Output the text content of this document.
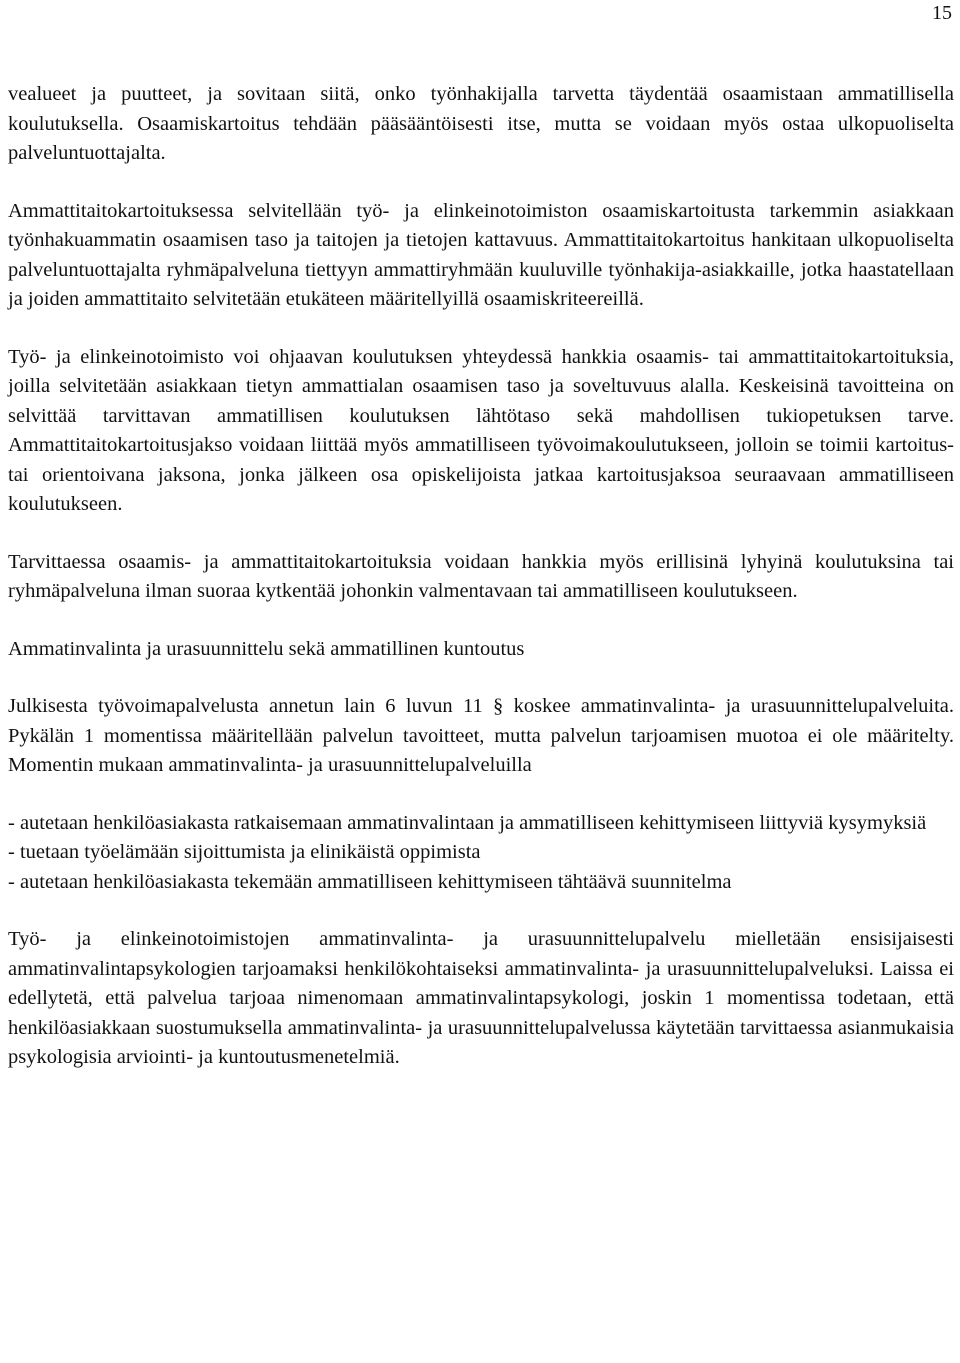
15

vealueet ja puutteet, ja sovitaan siitä, onko työnhakijalla tarvetta täydentää osaamistaan ammatillisella koulutuksella. Osaamiskartoitus tehdään pääsääntöisesti itse, mutta se voidaan myös ostaa ulkopuoliselta palveluntuottajalta.

Ammattitaitokartoituksessa selvitellään työ- ja elinkeinotoimiston osaamiskartoitusta tarkemmin asiakkaan työnhakuammatin osaamisen taso ja taitojen ja tietojen kattavuus. Ammattitaitokartoitus hankitaan ulkopuoliselta palveluntuottajalta ryhmäpalveluna tiettyyn ammattiryhmään kuuluville työnhakija-asiakkaille, jotka haastatellaan ja joiden ammattitaito selvitetään etukäteen määritellyillä osaamiskriteereillä.

Työ- ja elinkeinotoimisto voi ohjaavan koulutuksen yhteydessä hankkia osaamis- tai ammattitaitokartoituksia, joilla selvitetään asiakkaan tietyn ammattialan osaamisen taso ja soveltuvuus alalla. Keskeisinä tavoitteina on selvittää tarvittavan ammatillisen koulutuksen lähtötaso sekä mahdollisen tukiopetuksen tarve. Ammattitaitokartoitusjakso voidaan liittää myös ammatilliseen työvoimakoulutukseen, jolloin se toimii kartoitus- tai orientoivana jaksona, jonka jälkeen osa opiskelijoista jatkaa kartoitusjaksoa seuraavaan ammatilliseen koulutukseen.

Tarvittaessa osaamis- ja ammattitaitokartoituksia voidaan hankkia myös erillisinä lyhyinä koulutuksina tai ryhmäpalveluna ilman suoraa kytkentää johonkin valmentavaan tai ammatilliseen koulutukseen.

Ammatinvalinta ja urasuunnittelu sekä ammatillinen kuntoutus

Julkisesta työvoimapalvelusta annetun lain 6 luvun 11 § koskee ammatinvalinta- ja urasuunnittelupalveluita. Pykälän 1 momentissa määritellään palvelun tavoitteet, mutta palvelun tarjoamisen muotoa ei ole määritelty. Momentin mukaan ammatinvalinta- ja urasuunnittelupalveluilla

- autetaan henkilöasiakasta ratkaisemaan ammatinvalintaan ja ammatilliseen kehittymiseen liittyviä kysymyksiä
- tuetaan työelämään sijoittumista ja elinikäistä oppimista
- autetaan henkilöasiakasta tekemään ammatilliseen kehittymiseen tähtäävä suunnitelma

Työ- ja elinkeinotoimistojen ammatinvalinta- ja urasuunnittelupalvelu mielletään ensisijaisesti ammatinvalintapsykologien tarjoamaksi henkilökohtaiseksi ammatinvalinta- ja urasuunnittelupalveluksi. Laissa ei edellytetä, että palvelua tarjoaa nimenomaan ammatinvalintapsykologi, joskin 1 momentissa todetaan, että henkilöasiakkaan suostumuksella ammatinvalinta- ja urasuunnittelupalvelussa käytetään tarvittaessa asianmukaisia psykologisia arviointi- ja kuntoutusmenetelmiä.
